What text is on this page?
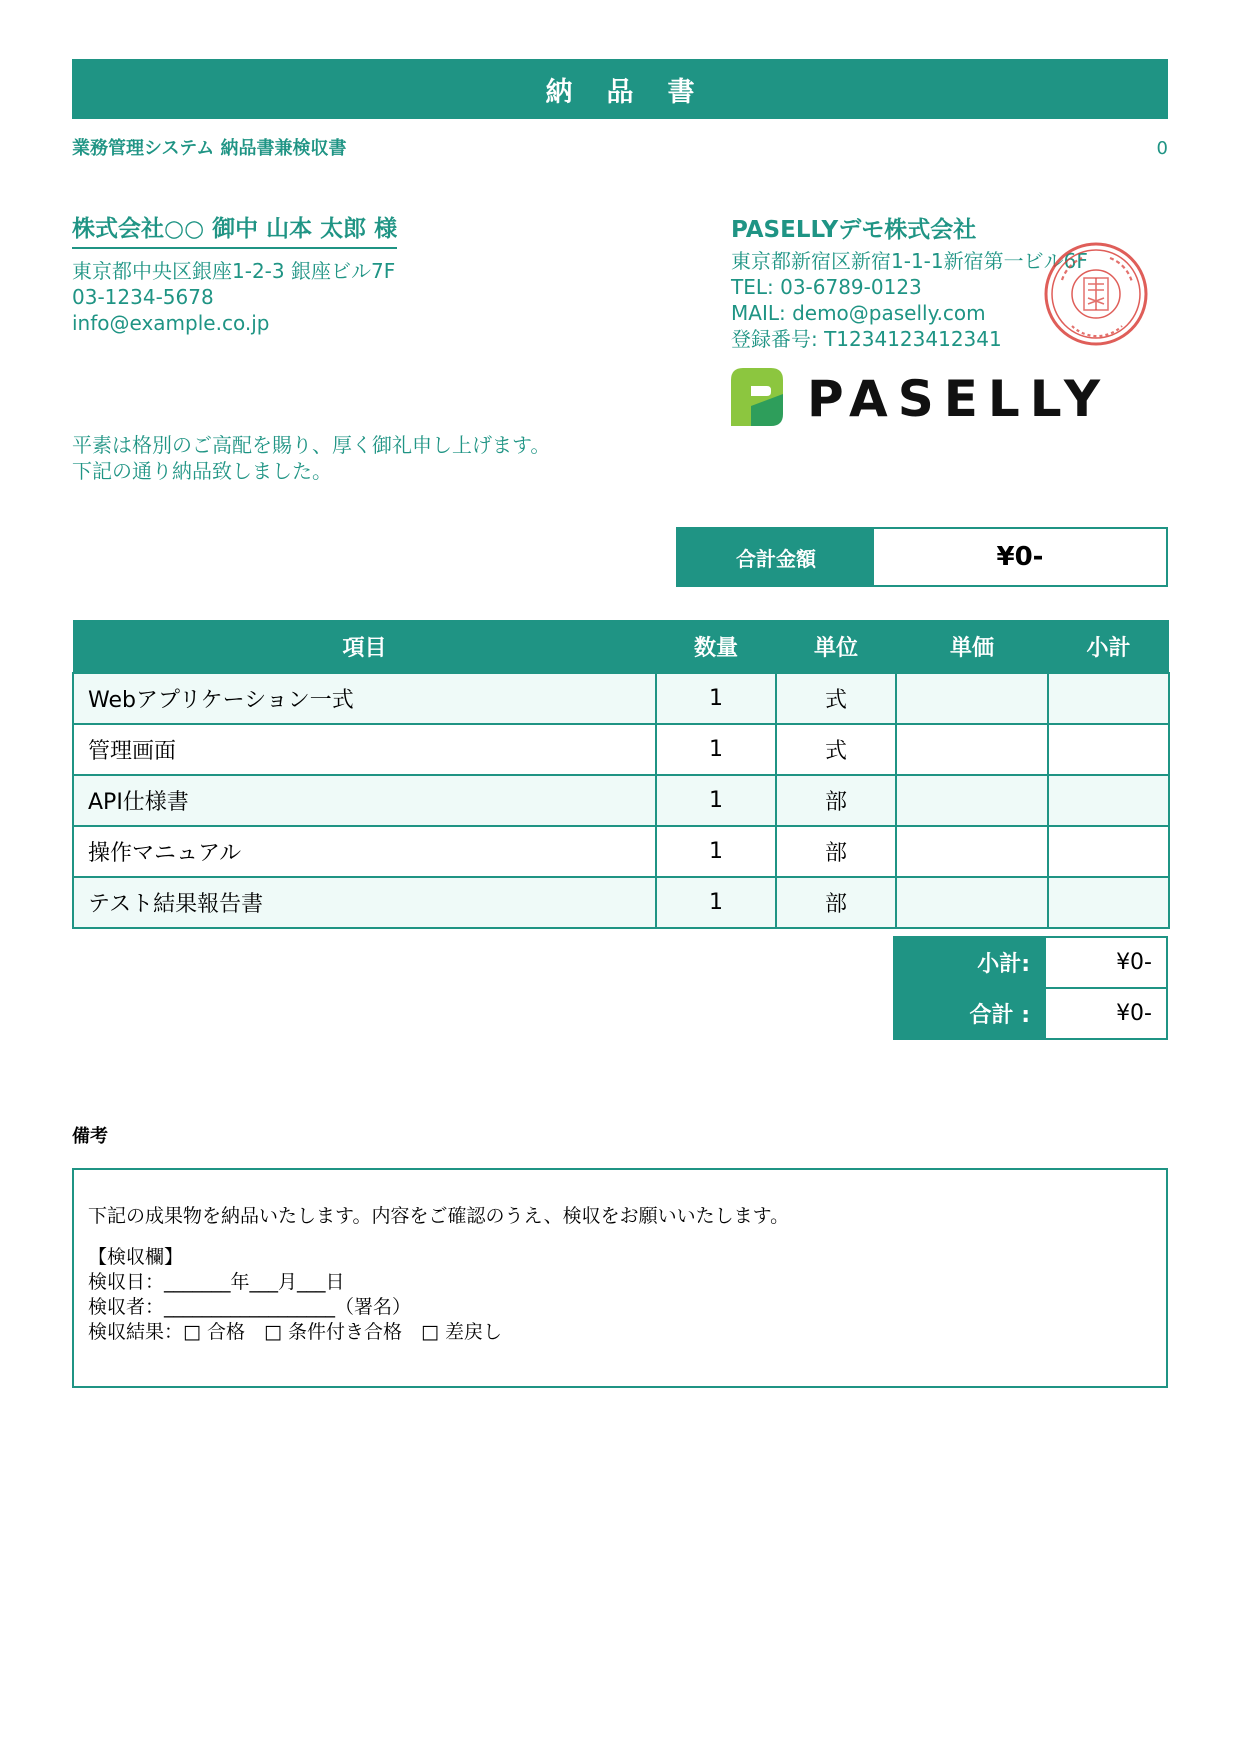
納品書
業務管理システム 納品書兼検収書	0
株式会社○○ 御中 山本 太郎 様
東京都中央区銀座1-2-3 銀座ビル7F
03-1234-5678
info@example.co.jp
PASELLYデモ株式会社
東京都新宿区新宿1-1-1新宿第一ビル6F
TEL: 03-6789-0123
MAIL: demo@paselly.com
登録番号: T1234123412341
PASELLY
平素は格別のご高配を賜り、厚く御礼申し上げます。
下記の通り納品致しました。
合計金額	¥0-
項目	数量	単位	単価	小計
Webアプリケーション一式	1	式		
管理画面	1	式		
API仕様書	1	部		
操作マニュアル	1	部		
テスト結果報告書	1	部		
小計:	¥0-
合計 :	¥0-
備考
下記の成果物を納品いたします。内容をご確認のうえ、検収をお願いいたします。
【検収欄】
検収日：_______年___月___日
検収者：__________________（署名）
検収結果：□ 合格　□ 条件付き合格　□ 差戻し
